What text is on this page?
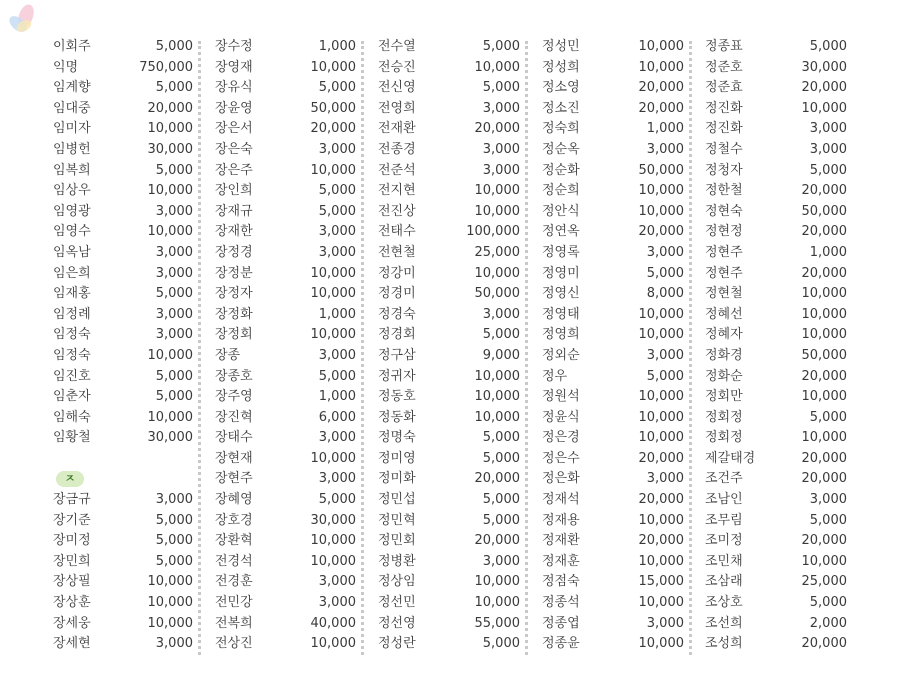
이회주	5,000
익명	750,000
임계향	5,000
임대중	20,000
임미자	10,000
임병헌	30,000
임복희	5,000
임상우	10,000
임영광	3,000
임영수	10,000
임옥남	3,000
임은희	3,000
임재홍	5,000
임정례	3,000
임정숙	3,000
임정숙	10,000
임진호	5,000
임춘자	5,000
임해숙	10,000
임황철	30,000
ㅈ
장금규	3,000
장기준	5,000
장미정	5,000
장민희	5,000
장상필	10,000
장상훈	10,000
장세웅	10,000
장세현	3,000
장수정	1,000
장영재	10,000
장유식	5,000
장윤영	50,000
장은서	20,000
장은숙	3,000
장은주	10,000
장인희	5,000
장재규	5,000
장재한	3,000
장정경	3,000
장정분	10,000
장정자	10,000
장정화	1,000
장정회	10,000
장종	3,000
장종호	5,000
장주영	1,000
장진혁	6,000
장태수	3,000
장현재	10,000
장현주	3,000
장혜영	5,000
장호경	30,000
장환혁	10,000
전경석	10,000
전경훈	3,000
전민강	3,000
전복희	40,000
전상진	10,000
전수열	5,000
전승진	10,000
전신영	5,000
전영희	3,000
전재환	20,000
전종경	3,000
전준석	3,000
전지현	10,000
전진상	10,000
전태수	100,000
전현철	25,000
정강미	10,000
정경미	50,000
정경숙	3,000
정경회	5,000
정구삼	9,000
정귀자	10,000
정동호	10,000
정동화	10,000
정명숙	5,000
정미영	5,000
정미화	20,000
정민섭	5,000
정민혁	5,000
정민회	20,000
정병환	3,000
정상임	10,000
정선민	10,000
정선영	55,000
정성란	5,000
정성민	10,000
정성희	10,000
정소영	20,000
정소진	20,000
정숙희	1,000
정순옥	3,000
정순화	50,000
정순희	10,000
정안식	10,000
정연옥	20,000
정영록	3,000
정영미	5,000
정영신	8,000
정영태	10,000
정영희	10,000
정외순	3,000
정우	5,000
정원석	10,000
정윤식	10,000
정은경	10,000
정은수	20,000
정은화	3,000
정재석	20,000
정재용	10,000
정재환	20,000
정재훈	10,000
정점숙	15,000
정종석	10,000
정종엽	3,000
정종윤	10,000
정종표	5,000
정준호	30,000
정준효	20,000
정진화	10,000
정진화	3,000
정철수	3,000
정청자	5,000
정한철	20,000
정현숙	50,000
정현정	20,000
정현주	1,000
정현주	20,000
정현철	10,000
정혜선	10,000
정혜자	10,000
정화경	50,000
정화순	20,000
정회만	10,000
정회정	5,000
정회정	10,000
제갈태경	20,000
조건주	20,000
조남인	3,000
조무림	5,000
조미정	20,000
조민채	10,000
조삼래	25,000
조상호	5,000
조선희	2,000
조성희	20,000
